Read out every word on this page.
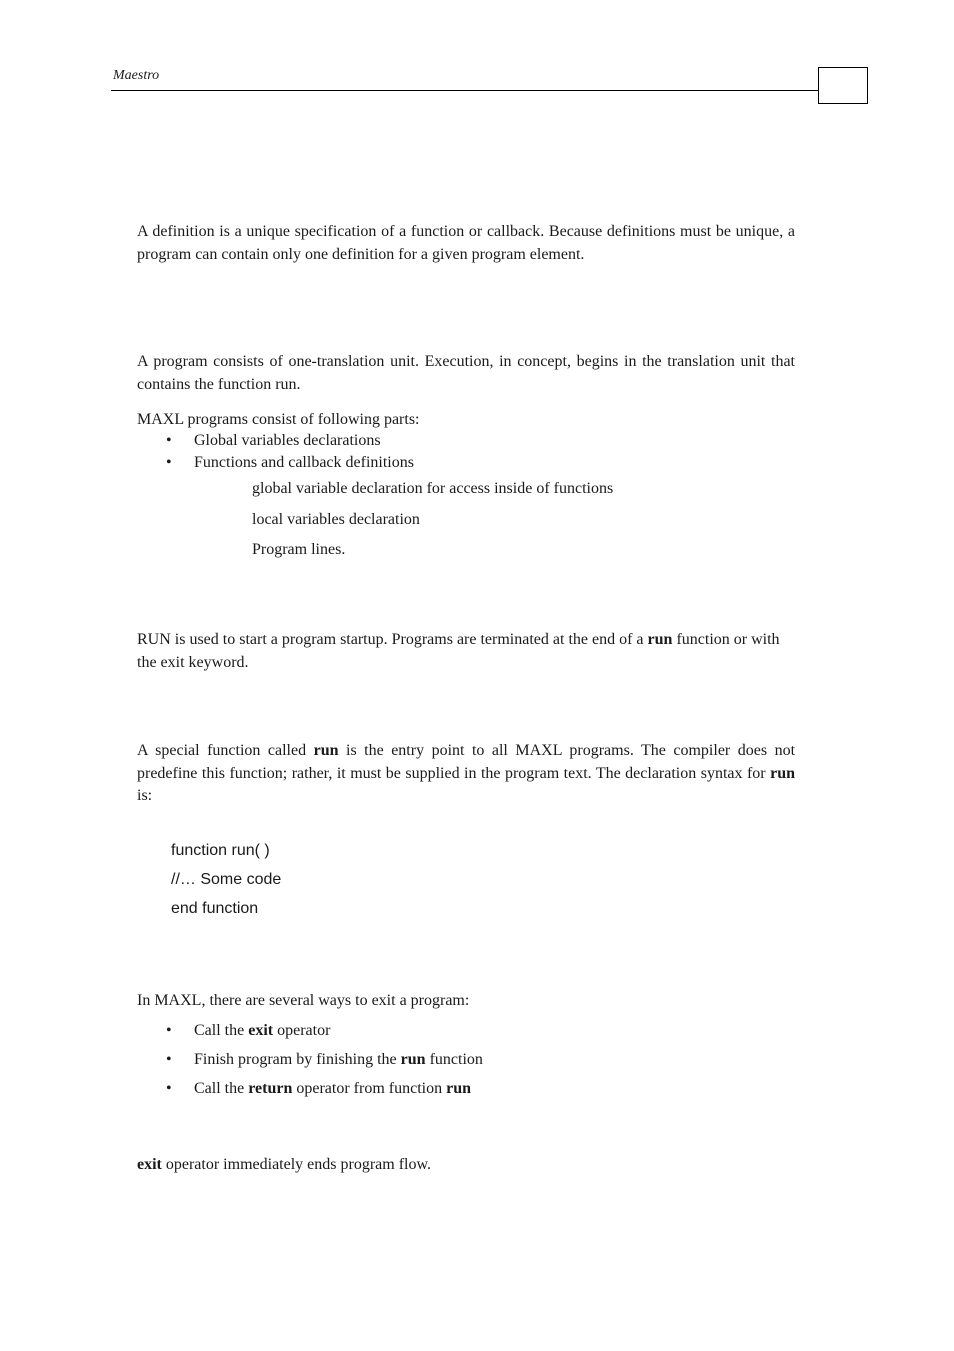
Maestro
A definition is a unique specification of a function or callback. Because definitions must be unique, a program can contain only one definition for a given program element.
A program consists of one-translation unit. Execution, in concept, begins in the translation unit that contains the function run.
MAXL programs consist of following parts:
• Global variables declarations
• Functions and callback definitions
global variable declaration for access inside of functions
local variables declaration
Program lines.
RUN is used to start a program startup. Programs are terminated at the end of a run function or with the exit keyword.
A special function called run is the entry point to all MAXL programs. The compiler does not predefine this function; rather, it must be supplied in the program text. The declaration syntax for run is:
function run( )
//… Some code
end function
In MAXL, there are several ways to exit a program:
• Call the exit operator
• Finish program by finishing the run function
• Call the return operator from function run
exit operator immediately ends program flow.
